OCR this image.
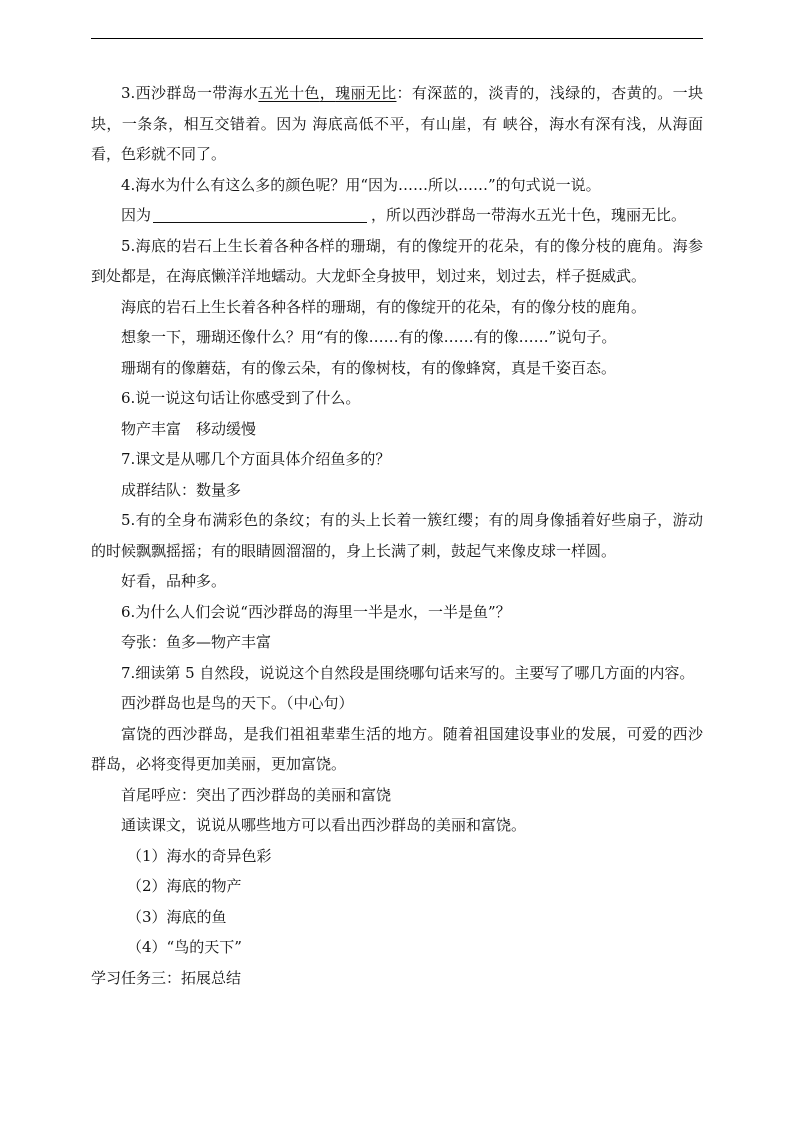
3.西沙群岛一带海水五光十色，瑰丽无比：有深蓝的，淡青的，浅绿的，杏黄的。一块块，一条条，相互交错着。因为 海底高低不平，有山崖，有 峡谷，海水有深有浅，从海面看，色彩就不同了。

4.海水为什么有这么多的颜色呢？用“因为……所以……”的句式说一说。

因为	，所以西沙群岛一带海水五光十色，瑰丽无比。

5.海底的岩石上生长着各种各样的珊瑚，有的像绽开的花朵，有的像分枝的鹿角。海参到处都是，在海底懒洋洋地蠕动。大龙虾全身披甲，划过来，划过去，样子挺威武。

海底的岩石上生长着各种各样的珊瑚，有的像绽开的花朵，有的像分枝的鹿角。

想象一下，珊瑚还像什么？用“有的像……有的像……有的像……”说句子。

珊瑚有的像蘑菇，有的像云朵，有的像树枝，有的像蜂窝，真是千姿百态。

6.说一说这句话让你感受到了什么。

物产丰富　移动缓慢

7.课文是从哪几个方面具体介绍鱼多的？

成群结队：数量多

5.有的全身布满彩色的条纹；有的头上长着一簇红缨；有的周身像插着好些扇子，游动的时候飘飘摇摇；有的眼睛圆溜溜的，身上长满了刺，鼓起气来像皮球一样圆。

好看，品种多。

6.为什么人们会说“西沙群岛的海里一半是水，一半是鱼”？

夸张：鱼多—物产丰富

7.细读第 5 自然段，说说这个自然段是围绕哪句话来写的。主要写了哪几方面的内容。

西沙群岛也是鸟的天下。（中心句）

富饶的西沙群岛，是我们祖祖辈辈生活的地方。随着祖国建设事业的发展，可爱的西沙群岛，必将变得更加美丽，更加富饶。

首尾呼应：突出了西沙群岛的美丽和富饶

通读课文，说说从哪些地方可以看出西沙群岛的美丽和富饶。

（1）海水的奇异色彩

（2）海底的物产

（3）海底的鱼

（4）“鸟的天下”

学习任务三：拓展总结
